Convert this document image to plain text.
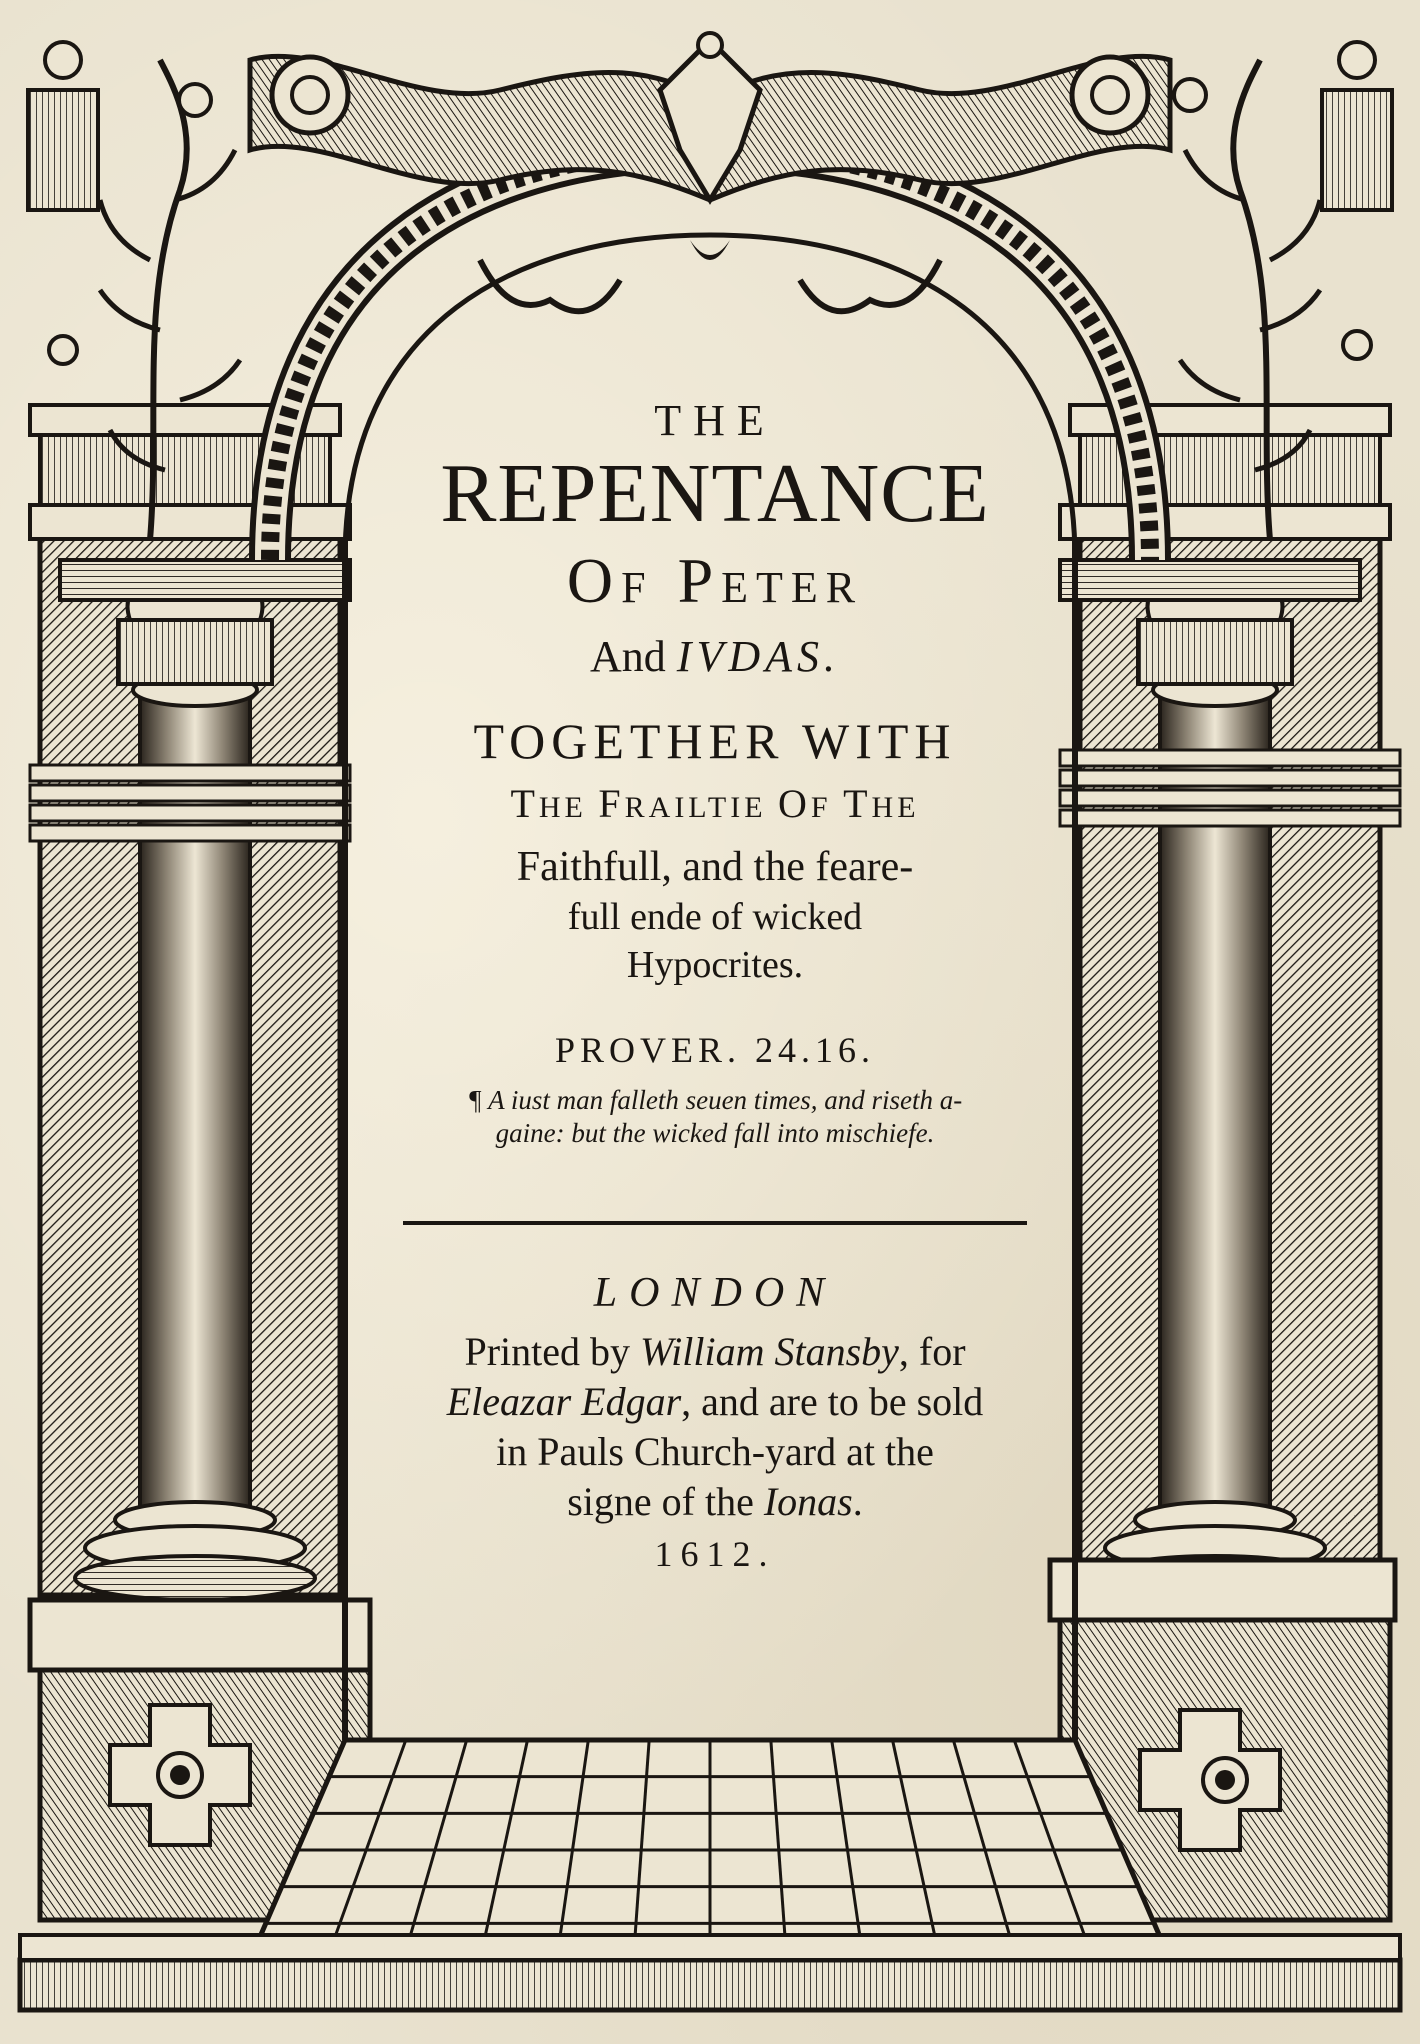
THE
REPENTANCE
OF PETER
And IVDAS.
TOGETHER WITH
THE FRAILTIE OF THE
Faithfull, and the feare-
full ende of wicked
Hypocrites.
PROVER. 24.16.
¶ A iust man falleth seuen times, and riseth a-
gaine: but the wicked fall into mischiefe.
LONDON
Printed by William Stansby, for
Eleazar Edgar, and are to be sold
in Pauls Church-yard at the
signe of the Ionas.
1612.
